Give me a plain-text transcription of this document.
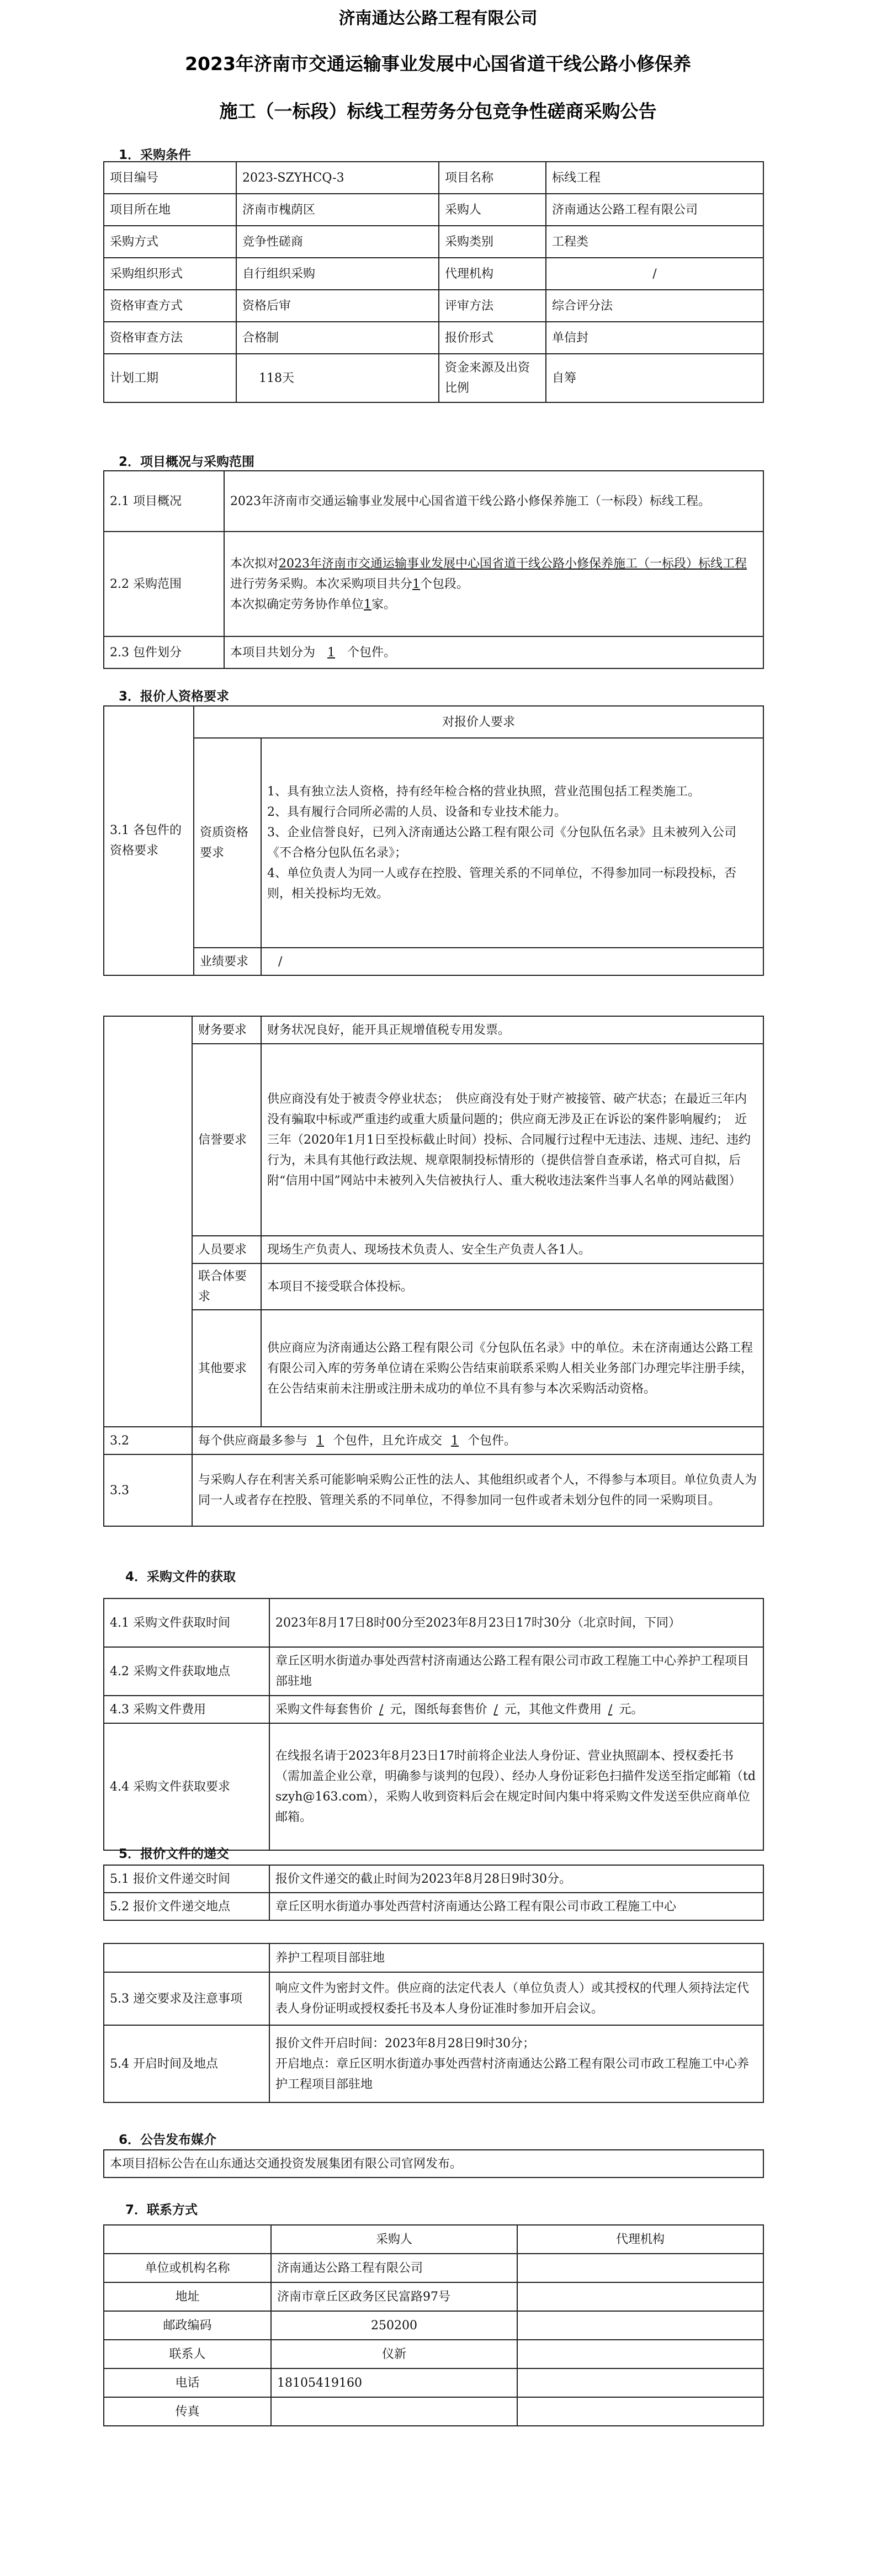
济南通达公路工程有限公司
2023年济南市交通运输事业发展中心国省道干线公路小修保养
施工（一标段）标线工程劳务分包竞争性磋商采购公告
1．采购条件
项目编号	2023-SZYHCQ-3	项目名称	标线工程
项目所在地	济南市槐荫区	采购人	济南通达公路工程有限公司
采购方式	竞争性磋商	采购类别	工程类
采购组织形式	自行组织采购	代理机构	/
资格审查方式	资格后审	评审方法	综合评分法
资格审查方法	合格制	报价形式	单信封
计划工期	118天	资金来源及出资比例	自筹
2．项目概况与采购范围
2.1 项目概况	2023年济南市交通运输事业发展中心国省道干线公路小修保养施工（一标段）标线工程。
2.2 采购范围	本次拟对2023年济南市交通运输事业发展中心国省道干线公路小修保养施工（一标段）标线工程进行劳务采购。本次采购项目共分1个包段。
本次拟确定劳务协作单位1家。
2.3 包件划分	本项目共划分为 1 个包件。
3．报价人资格要求
3.1 各包件的资格要求	对报价人要求	
	资质资格要求	1、具有独立法人资格，持有经年检合格的营业执照，营业范围包括工程类施工。
2、具有履行合同所必需的人员、设备和专业技术能力。
3、企业信誉良好，已列入济南通达公路工程有限公司《分包队伍名录》且未被列入公司《不合格分包队伍名录》；
4、单位负责人为同一人或存在控股、管理关系的不同单位，不得参加同一标段投标，否则，相关投标均无效。

	业绩要求	/
	财务要求	财务状况良好，能开具正规增值税专用发票。
	信誉要求	供应商没有处于被责令停业状态；　供应商没有处于财产被接管、破产状态；在最近三年内没有骗取中标或严重违约或重大质量问题的；供应商无涉及正在诉讼的案件影响履约；　近三年（2020年1月1日至投标截止时间）投标、合同履行过程中无违法、违规、违纪、违约行为，未具有其他行政法规、规章限制投标情形的（提供信誉自查承诺，格式可自拟，后附“信用中国”网站中未被列入失信被执行人、重大税收违法案件当事人名单的网站截图）
	人员要求	现场生产负责人、现场技术负责人、安全生产负责人各1人。
	联合体要求	本项目不接受联合体投标。
	其他要求	供应商应为济南通达公路工程有限公司《分包队伍名录》中的单位。未在济南通达公路工程有限公司入库的劳务单位请在采购公告结束前联系采购人相关业务部门办理完毕注册手续，在公告结束前未注册或注册未成功的单位不具有参与本次采购活动资格。
3.2	每个供应商最多参与 1 个包件，且允许成交 1 个包件。	
3.3	与采购人存在利害关系可能影响采购公正性的法人、其他组织或者个人，不得参与本项目。单位负责人为同一人或者存在控股、管理关系的不同单位，不得参加同一包件或者未划分包件的同一采购项目。	
4．采购文件的获取
4.1 采购文件获取时间	2023年8月17日8时00分至2023年8月23日17时30分（北京时间，下同）
4.2 采购文件获取地点	章丘区明水街道办事处西营村济南通达公路工程有限公司市政工程施工中心养护工程项目部驻地
4.3 采购文件费用	采购文件每套售价 / 元，图纸每套售价 / 元，其他文件费用 / 元。
4.4 采购文件获取要求	在线报名请于2023年8月23日17时前将企业法人身份证、营业执照副本、授权委托书（需加盖企业公章，明确参与谈判的包段）、经办人身份证彩色扫描件发送至指定邮箱（tdszyh@163.com），采购人收到资料后会在规定时间内集中将采购文件发送至供应商单位邮箱。
5．报价文件的递交
5.1 报价文件递交时间	报价文件递交的截止时间为2023年8月28日9时30分。
5.2 报价文件递交地点	章丘区明水街道办事处西营村济南通达公路工程有限公司市政工程施工中心
	养护工程项目部驻地
5.3 递交要求及注意事项	响应文件为密封文件。供应商的法定代表人（单位负责人）或其授权的代理人须持法定代表人身份证明或授权委托书及本人身份证准时参加开启会议。
5.4 开启时间及地点	报价文件开启时间：2023年8月28日9时30分；
开启地点：章丘区明水街道办事处西营村济南通达公路工程有限公司市政工程施工中心养护工程项目部驻地
6．公告发布媒介
本项目招标公告在山东通达交通投资发展集团有限公司官网发布。
7．联系方式
	采购人	代理机构
单位或机构名称	济南通达公路工程有限公司	
地址	济南市章丘区政务区民富路97号	
邮政编码	250200	
联系人	仪新	
电话	18105419160	
传真		
